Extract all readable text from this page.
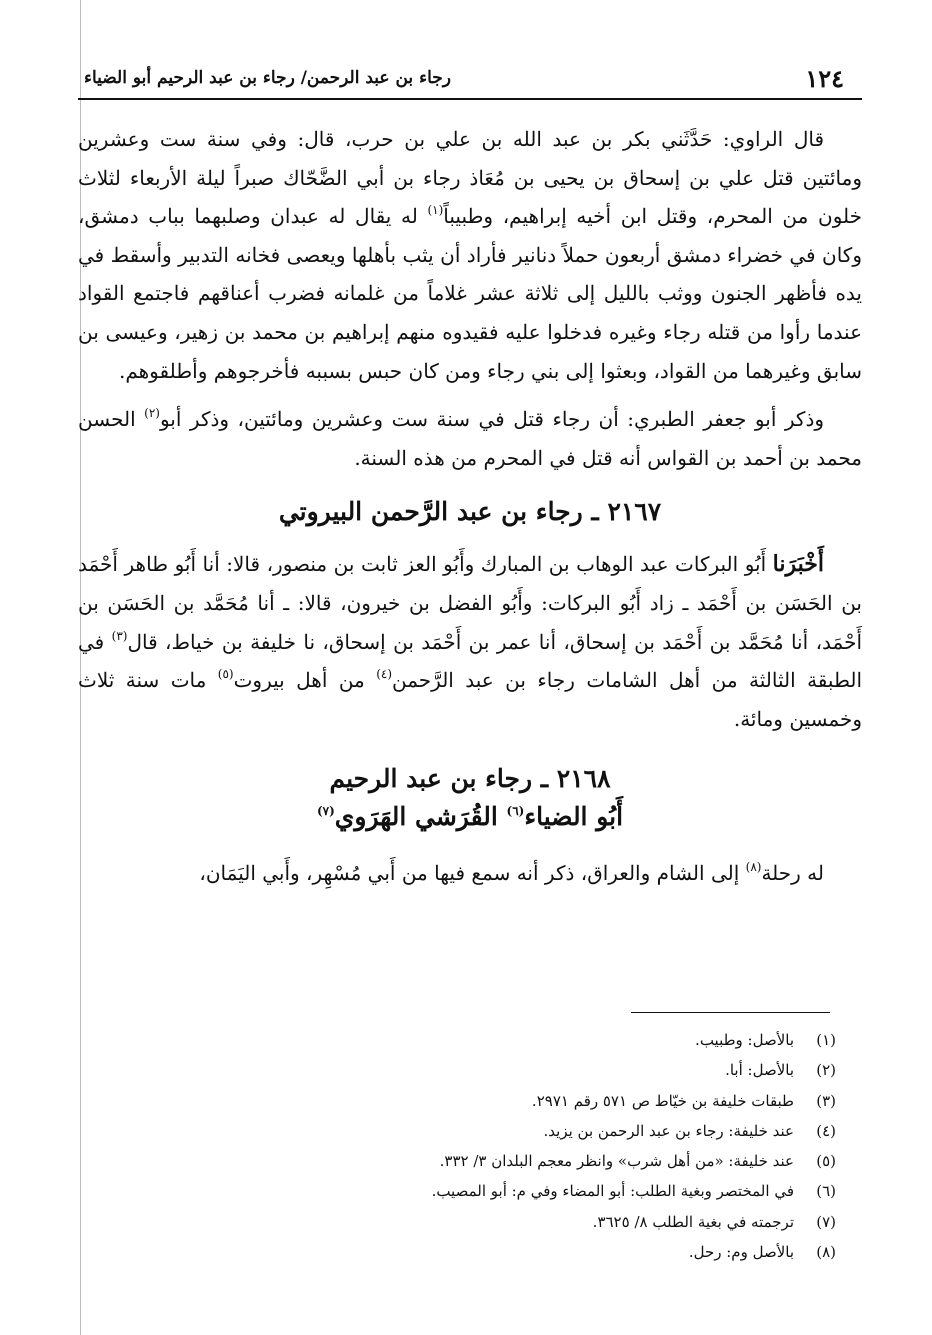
١٢٤
رجاء بن عبد الرحمن/ رجاء بن عبد الرحيم أبو الضياء

قال الراوي: حَدَّثَني بكر بن عبد الله بن علي بن حرب، قال: وفي سنة ست وعشرين ومائتين قتل علي بن إسحاق بن يحيى بن مُعَاذ رجاء بن أبي الضَّحّاك صبراً ليلة الأربعاء لثلاث خلون من المحرم، وقتل ابن أخيه إبراهيم، وطبيباً$^{(١)}$ له يقال له عبدان وصلبهما بباب دمشق، وكان في خضراء دمشق أربعون حملاً دنانير فأراد أن يثب بأهلها ويعصى فخانه التدبير وأسقط في يده فأظهر الجنون ووثب بالليل إلى ثلاثة عشر غلاماً من غلمانه فضرب أعناقهم فاجتمع القواد عندما رأوا من قتله رجاء وغيره فدخلوا عليه فقيدوه منهم إبراهيم بن محمد بن زهير، وعيسى بن سابق وغيرهما من القواد، وبعثوا إلى بني رجاء ومن كان حبس بسببه فأخرجوهم وأطلقوهم.

وذكر أبو جعفر الطبري: أن رجاء قتل في سنة ست وعشرين ومائتين، وذكر أبو$^{(٢)}$ الحسن محمد بن أحمد بن القواس أنه قتل في المحرم من هذه السنة.

٢١٦٧ ـ رجاء بن عبد الرَّحمن البيروتي

أَخْبَرَنا أَبُو البركات عبد الوهاب بن المبارك وأَبُو العز ثابت بن منصور، قالا: أنا أَبُو طاهر أَحْمَد بن الحَسَن بن أَحْمَد ـ زاد أَبُو البركات: وأَبُو الفضل بن خيرون، قالا: ـ أنا مُحَمَّد بن الحَسَن بن أَحْمَد، أنا مُحَمَّد بن أَحْمَد بن إسحاق، أنا عمر بن أَحْمَد بن إسحاق، نا خليفة بن خياط، قال$^{(٣)}$ في الطبقة الثالثة من أهل الشامات رجاء بن عبد الرَّحمن$^{(٤)}$ من أهل بيروت$^{(٥)}$ مات سنة ثلاث وخمسين ومائة.

٢١٦٨ ـ رجاء بن عبد الرحيم
أَبُو الضياء$^{(٦)}$ القُرَشي الهَرَوي$^{(٧)}$

له رحلة$^{(٨)}$ إلى الشام والعراق، ذكر أنه سمع فيها من أَبي مُسْهِر، وأَبي اليَمَان،

(١)بالأصل: وطبيب.
(٢)بالأصل: أبا.
(٣)طبقات خليفة بن خيّاط ص ٥٧١ رقم ٢٩٧١.
(٤)عند خليفة: رجاء بن عبد الرحمن بن يزيد.
(٥)عند خليفة: «من أهل شرب» وانظر معجم البلدان ٣/ ٣٣٢.
(٦)في المختصر وبغية الطلب: أبو المضاء وفي م: أبو المصيب.
(٧)ترجمته في بغية الطلب ٨/ ٣٦٢٥.
(٨)بالأصل وم: رحل.
